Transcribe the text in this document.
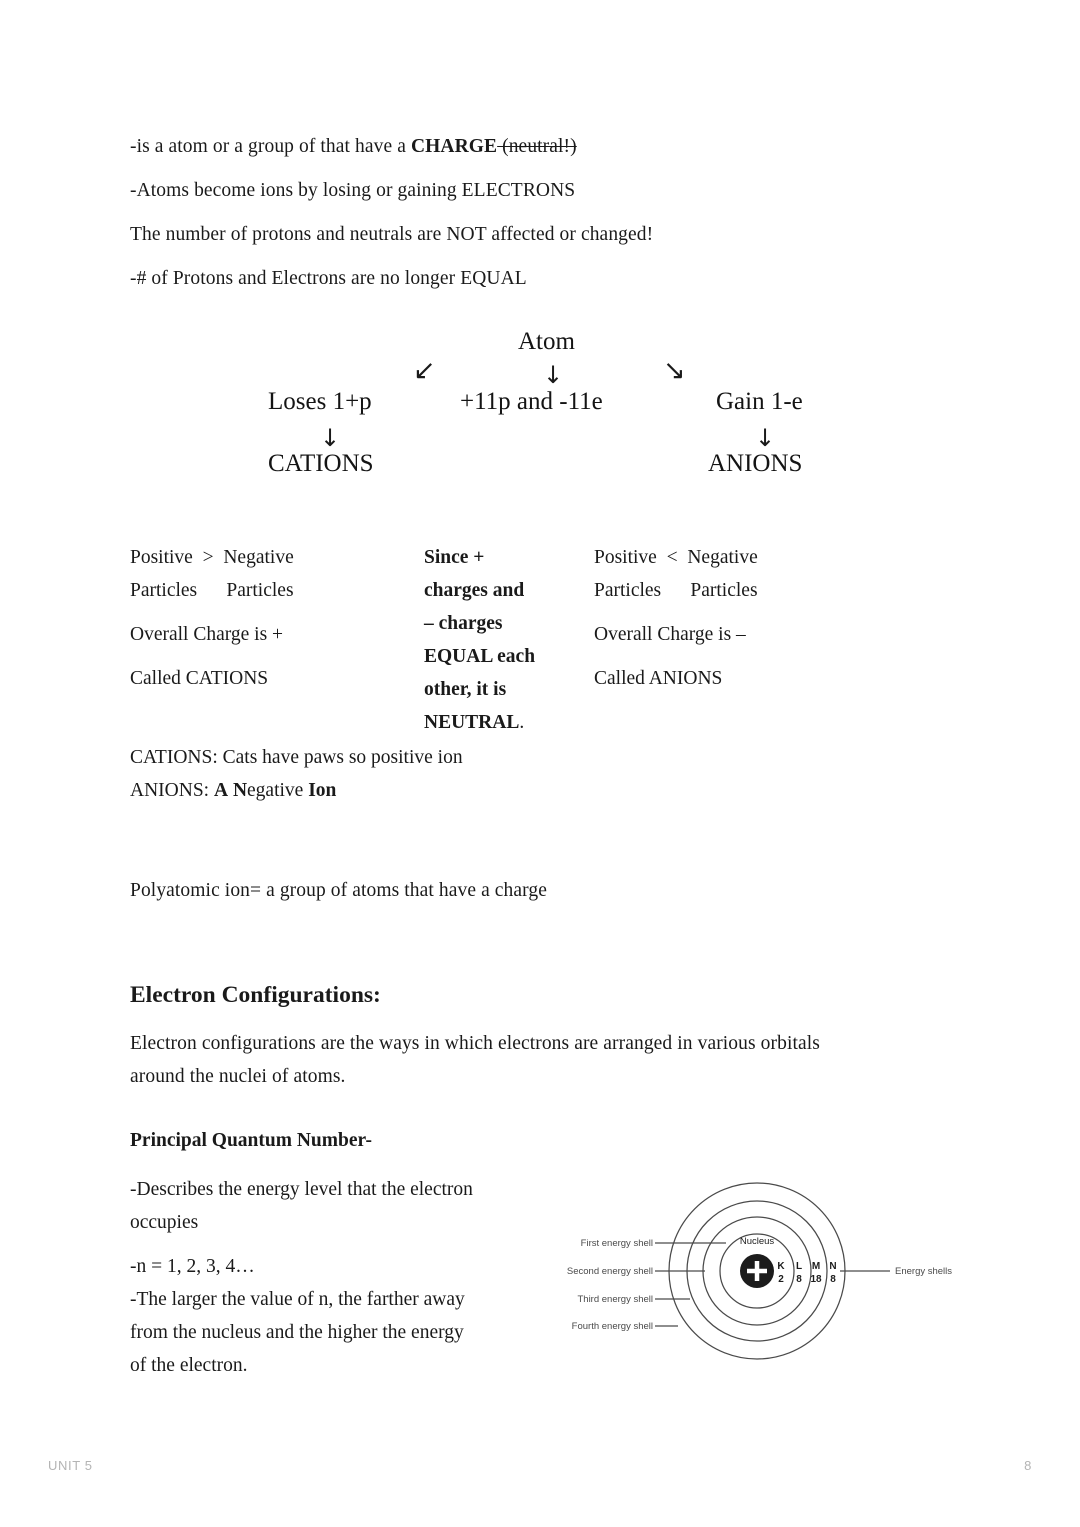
-is a atom or a group of that have a CHARGE (neutral!)

-Atoms become ions by losing or gaining ELECTRONS

The number of protons and neutrals are NOT affected or changed!

-# of Protons and Electrons are no longer EQUAL

Atom
↙	↓	↘
Loses 1+p	+11p and -11e	Gain 1-e
↓	↓
CATIONS	ANIONS
Positive  >  Negative
Particles      Particles
Overall Charge is +
Called CATIONS
Since +
charges and
– charges
EQUAL each
other, it is
NEUTRAL.
Positive  <  Negative
Particles      Particles
Overall Charge is –
Called ANIONS

CATIONS: Cats have paws so positive ion

ANIONS: A Negative Ion

Polyatomic ion= a group of atoms that have a charge

Electron Configurations:

Electron configurations are the ways in which electrons are arranged in various orbitals
around the nuclei of atoms.

Principal Quantum Number-
-Describes the energy level that the electron
occupies
-n = 1, 2, 3, 4…
-The larger the value of n, the farther away
from the nucleus and the higher the energy
of the electron.
First energy shell
Second energy shell
Third energy shell
Fourth energy shell
Energy shells
Nucleus
K
2
L
8
M
18
N
8
UNIT 5	8
